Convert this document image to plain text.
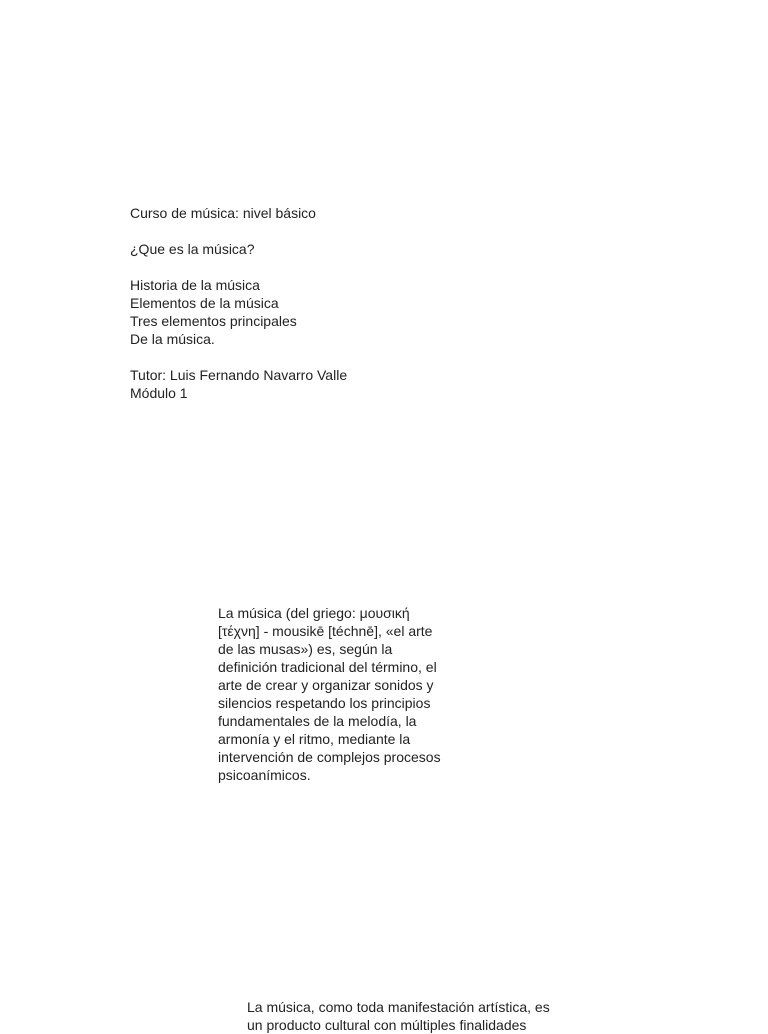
Curso de música: nivel básico
¿Que es la música?
Historia de la música
Elementos de la música
Tres elementos principales
De la música.
Tutor: Luis Fernando Navarro Valle
Módulo 1
La música (del griego: μουσική
[τέχνη] - mousikē [téchnē], «el arte
de las musas») es, según la
definición tradicional del término, el
arte de crear y organizar sonidos y
silencios respetando los principios
fundamentales de la melodía, la
armonía y el ritmo, mediante la
intervención de complejos procesos
psicoanímicos.
La música, como toda manifestación artística, es
un producto cultural con múltiples finalidades
